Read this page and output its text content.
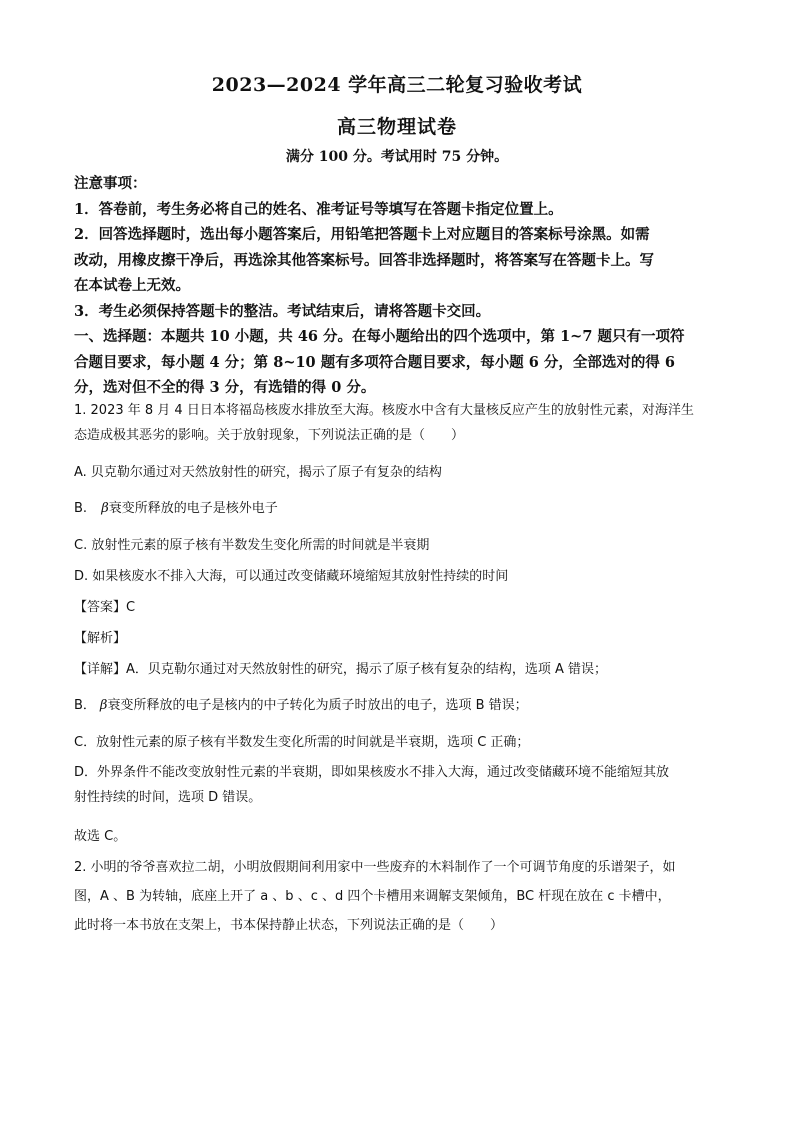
2023—2024 学年高三二轮复习验收考试
高三物理试卷
满分 100 分。考试用时 75 分钟。

注意事项：

1．答卷前，考生务必将自己的姓名、准考证号等填写在答题卡指定位置上。

2．回答选择题时，选出每小题答案后，用铅笔把答题卡上对应题目的答案标号涂黑。如需

改动，用橡皮擦干净后，再选涂其他答案标号。回答非选择题时，将答案写在答题卡上。写

在本试卷上无效。

3．考生必须保持答题卡的整洁。考试结束后，请将答题卡交回。

一、选择题：本题共 10 小题，共 46 分。在每小题给出的四个选项中，第 1~7 题只有一项符

合题目要求，每小题 4 分；第 8~10 题有多项符合题目要求，每小题 6 分，全部选对的得 6

分，选对但不全的得 3 分，有选错的得 0 分。

1. 2023 年 8 月 4 日日本将福岛核废水排放至大海。核废水中含有大量核反应产生的放射性元素，对海洋生

态造成极其恶劣的影响。关于放射现象，下列说法正确的是（　　）

A. 贝克勒尔通过对天然放射性的研究，揭示了原子有复杂的结构
B. β衰变所释放的电子是核外电子
C. 放射性元素的原子核有半数发生变化所需的时间就是半衰期
D. 如果核废水不排入大海，可以通过改变储藏环境缩短其放射性持续的时间
【答案】C
【解析】
【详解】A．贝克勒尔通过对天然放射性的研究，揭示了原子核有复杂的结构，选项 A 错误；
B． β衰变所释放的电子是核内的中子转化为质子时放出的电子，选项 B 错误；
C．放射性元素的原子核有半数发生变化所需的时间就是半衰期，选项 C 正确；

D．外界条件不能改变放射性元素的半衰期，即如果核废水不排入大海，通过改变储藏环境不能缩短其放

射性持续的时间，选项 D 错误。

故选 C。

2. 小明的爷爷喜欢拉二胡，小明放假期间利用家中一些废弃的木料制作了一个可调节角度的乐谱架子，如

图，A 、B 为转轴，底座上开了 a 、b 、c 、d 四个卡槽用来调解支架倾角，BC 杆现在放在 c 卡槽中，

此时将一本书放在支架上，书本保持静止状态，下列说法正确的是（　　）
